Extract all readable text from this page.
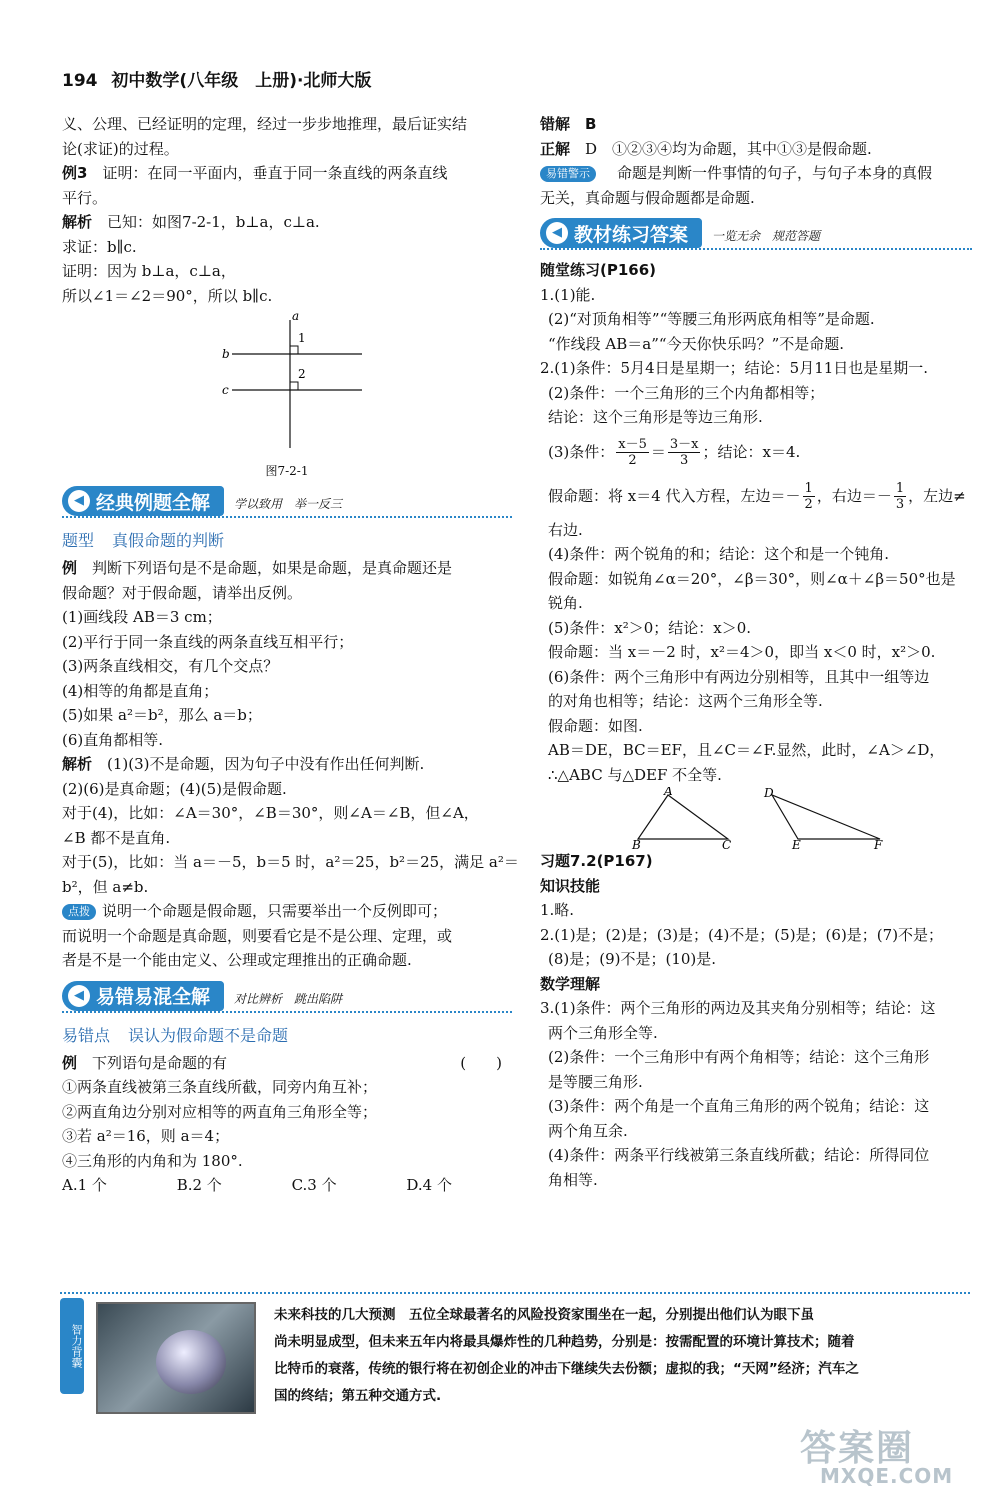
194 初中数学(八年级　上册)·北师大版
义、公理、已经证明的定理，经过一步步地推理，最后证实结
论(求证)的过程。
例3　 证明：在同一平面内，垂直于同一条直线的两条直线
平行。
解析　 已知：如图7-2-1，b⊥a，c⊥a.
求证：b∥c.
证明：因为 b⊥a，c⊥a，
所以∠1＝∠2＝90°，所以 b∥c.
a
b
c
1
2
图7-2-1
◀ 经典例题全解 学以致用　举一反三
题型 真假命题的判断
例　 判断下列语句是不是命题，如果是命题，是真命题还是
假命题？对于假命题，请举出反例。
(1)画线段 AB＝3 cm；
(2)平行于同一条直线的两条直线互相平行；
(3)两条直线相交，有几个交点？
(4)相等的角都是直角；
(5)如果 a²＝b²，那么 a＝b；
(6)直角都相等.
解析　 (1)(3)不是命题，因为句子中没有作出任何判断.
(2)(6)是真命题；(4)(5)是假命题.
对于(4)，比如：∠A＝30°，∠B＝30°，则∠A＝∠B，但∠A，
∠B 都不是直角.
对于(5)，比如：当 a＝－5，b＝5 时，a²＝25，b²＝25，满足 a²＝
b²，但 a≠b.
点拨 说明一个命题是假命题，只需要举出一个反例即可；
而说明一个命题是真命题，则要看它是不是公理、定理，或
者是不是一个能由定义、公理或定理推出的正确命题.
◀ 易错易混全解 对比辨析　跳出陷阱
易错点 误认为假命题不是命题
例　 下列语句是命题的有	(　　)
①两条直线被第三条直线所截，同旁内角互补；
②两直角边分别对应相等的两直角三角形全等；
③若 a²＝16，则 a＝4；
④三角形的内角和为 180°.
A.1 个	B.2 个	C.3 个	D.4 个
错解　 B
正解　 D　①②③④均为命题，其中①③是假命题.
易错警示　 命题是判断一件事情的句子，与句子本身的真假
无关，真命题与假命题都是命题.
◀ 教材练习答案 一览无余　规范答题
随堂练习(P166)
1.(1)能.
(2)“对顶角相等”“等腰三角形两底角相等”是命题.
“作线段 AB＝a”“今天你快乐吗？”不是命题.
2.(1)条件：5月4日是星期一；结论：5月11日也是星期一.
(2)条件：一个三角形的三个内角都相等；
结论：这个三角形是等边三角形.
(3)条件： $\frac{x-5}{2} = \frac{3-x}{3}$ ；结论：x＝4.
假命题：将 x＝4 代入方程，左边＝－ $\frac{1}{2}$ ，右边＝－ $\frac{1}{3}$ ，左边≠
右边.
(4)条件：两个锐角的和；结论：这个和是一个钝角.
假命题：如锐角∠α＝20°，∠β＝30°，则∠α＋∠β＝50°也是
锐角.
(5)条件：x²＞0；结论：x＞0.
假命题：当 x＝－2 时，x²＝4＞0，即当 x＜0 时，x²＞0.
(6)条件：两个三角形中有两边分别相等，且其中一组等边
的对角也相等；结论：这两个三角形全等.
假命题：如图.
AB＝DE，BC＝EF，且∠C＝∠F.显然，此时，∠A＞∠D，
∴△ABC 与△DEF 不全等.
A
B	C
D
E	F
习题7.2(P167)
知识技能
1.略.
2.(1)是；(2)是；(3)是；(4)不是；(5)是；(6)是；(7)不是；
(8)是；(9)不是；(10)是.
数学理解
3.(1)条件：两个三角形的两边及其夹角分别相等；结论：这
两个三角形全等.
(2)条件：一个三角形中有两个角相等；结论：这个三角形
是等腰三角形.
(3)条件：两个角是一个直角三角形的两个锐角；结论：这
两个角互余.
(4)条件：两条平行线被第三条直线所截；结论：所得同位
角相等.
智力背囊
未来科技的几大预测　五位全球最著名的风险投资家围坐在一起，分别提出他们认为眼下虽
尚未明显成型，但未来五年内将最具爆炸性的几种趋势，分别是：按需配置的环境计算技术；随着
比特币的衰落，传统的银行将在初创企业的冲击下继续失去份额；虚拟的我；“天网”经济；汽车之
国的终结；第五种交通方式.
答案圈
MXQE.COM
